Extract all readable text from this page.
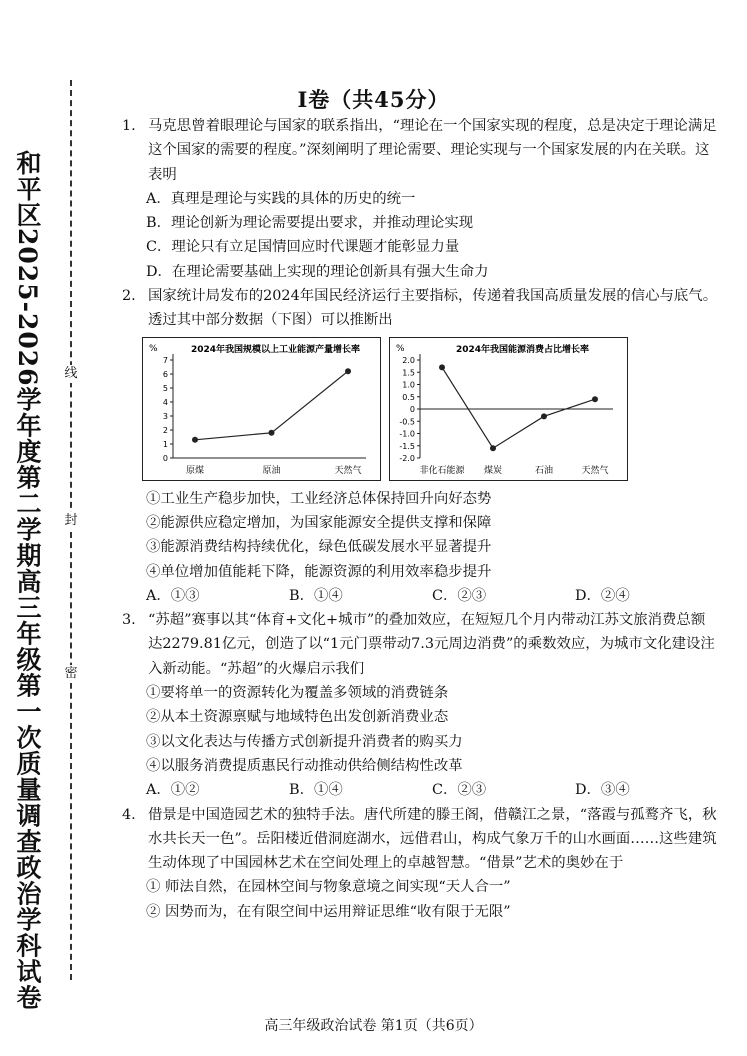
和平区2025-2026学年度第二学期高三年级第一次质量调查政治学科试卷	线
封
密
I卷（共45分）
1. 马克思曾着眼理论与国家的联系指出，“理论在一个国家实现的程度，总是决定于理论满足这个国家的需要的程度。”深刻阐明了理论需要、理论实现与一个国家发展的内在关联。这表明
A．真理是理论与实践的具体的历史的统一
B．理论创新为理论需要提出要求，并推动理论实现
C．理论只有立足国情回应时代课题才能彰显力量
D．在理论需要基础上实现的理论创新具有强大生命力
2. 国家统计局发布的2024年国民经济运行主要指标，传递着我国高质量发展的信心与底气。透过其中部分数据（下图）可以推断出
%	2024年我国规模以上工业能源产量增长率
0
1
2
3
4
5
6
7
原煤	原油	天然气
%	2024年我国能源消费占比增长率
2.0
1.5
1.0
0.5
0
-0.5
-1.0
-1.5
-2.0
非化石能源 煤炭	石油	天然气
①工业生产稳步加快，工业经济总体保持回升向好态势
②能源供应稳定增加，为国家能源安全提供支撑和保障
③能源消费结构持续优化，绿色低碳发展水平显著提升
④单位增加值能耗下降，能源资源的利用效率稳步提升
A．①③	B．①④	C．②③	D．②④
3. “苏超”赛事以其“体育+文化+城市”的叠加效应，在短短几个月内带动江苏文旅消费总额达2279.81亿元，创造了以“1元门票带动7.3元周边消费”的乘数效应，为城市文化建设注入新动能。“苏超”的火爆启示我们
①要将单一的资源转化为覆盖多领域的消费链条
②从本土资源禀赋与地域特色出发创新消费业态
③以文化表达与传播方式创新提升消费者的购买力
④以服务消费提质惠民行动推动供给侧结构性改革
A．①②	B．①④	C．②③	D．③④
4. 借景是中国造园艺术的独特手法。唐代所建的滕王阁，借赣江之景，“落霞与孤鹜齐飞，秋水共长天一色”。岳阳楼近借洞庭湖水，远借君山，构成气象万千的山水画面……这些建筑生动体现了中国园林艺术在空间处理上的卓越智慧。“借景”艺术的奥妙在于
① 师法自然，在园林空间与物象意境之间实现“天人合一”
② 因势而为，在有限空间中运用辩证思维“收有限于无限”
高三年级政治试卷 第1页（共6页）
